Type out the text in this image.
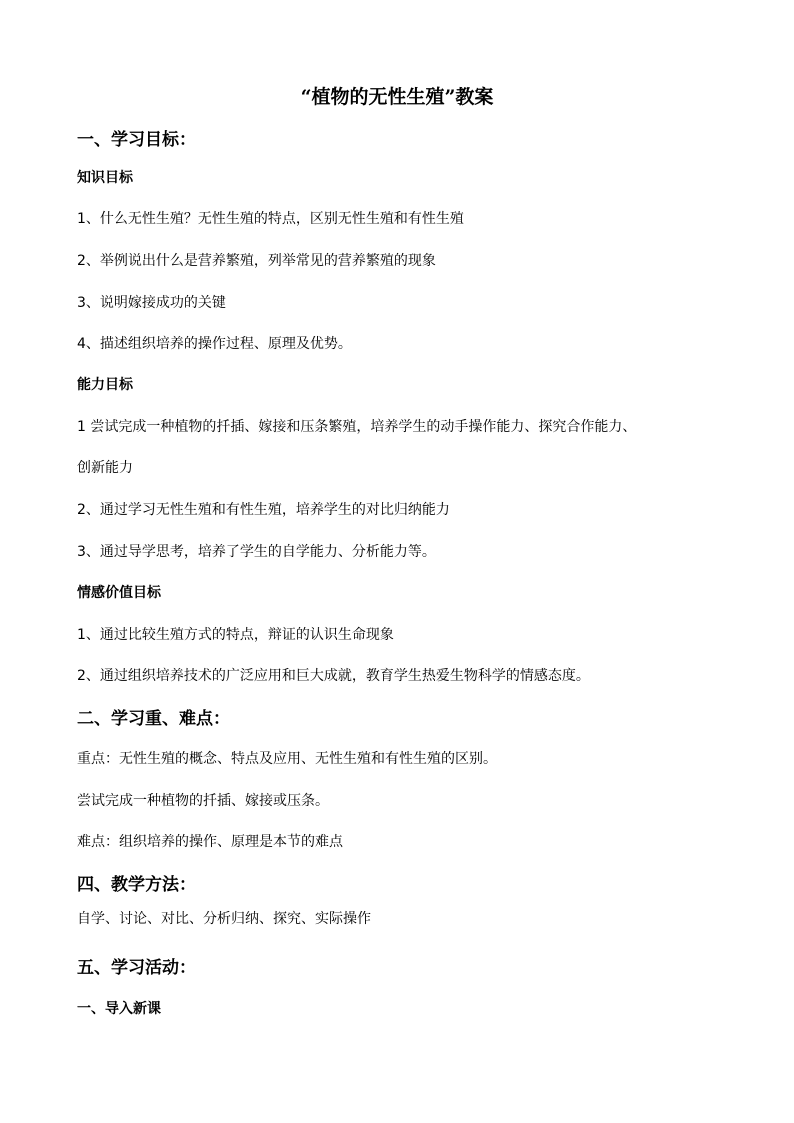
“植物的无性生殖”教案
一、学习目标：
知识目标
1、什么无性生殖？无性生殖的特点，区别无性生殖和有性生殖
2、举例说出什么是营养繁殖，列举常见的营养繁殖的现象
3、说明嫁接成功的关键
4、描述组织培养的操作过程、原理及优势。
能力目标
1 尝试完成一种植物的扦插、嫁接和压条繁殖，培养学生的动手操作能力、探究合作能力、
创新能力
2、通过学习无性生殖和有性生殖，培养学生的对比归纳能力
3、通过导学思考，培养了学生的自学能力、分析能力等。
情感价值目标
1、通过比较生殖方式的特点，辩证的认识生命现象
2、通过组织培养技术的广泛应用和巨大成就，教育学生热爱生物科学的情感态度。
二、学习重、难点：
重点：无性生殖的概念、特点及应用、无性生殖和有性生殖的区别。
尝试完成一种植物的扦插、嫁接或压条。
难点：组织培养的操作、原理是本节的难点
四、教学方法：
自学、讨论、对比、分析归纳、探究、实际操作
五、学习活动：
一、导入新课
